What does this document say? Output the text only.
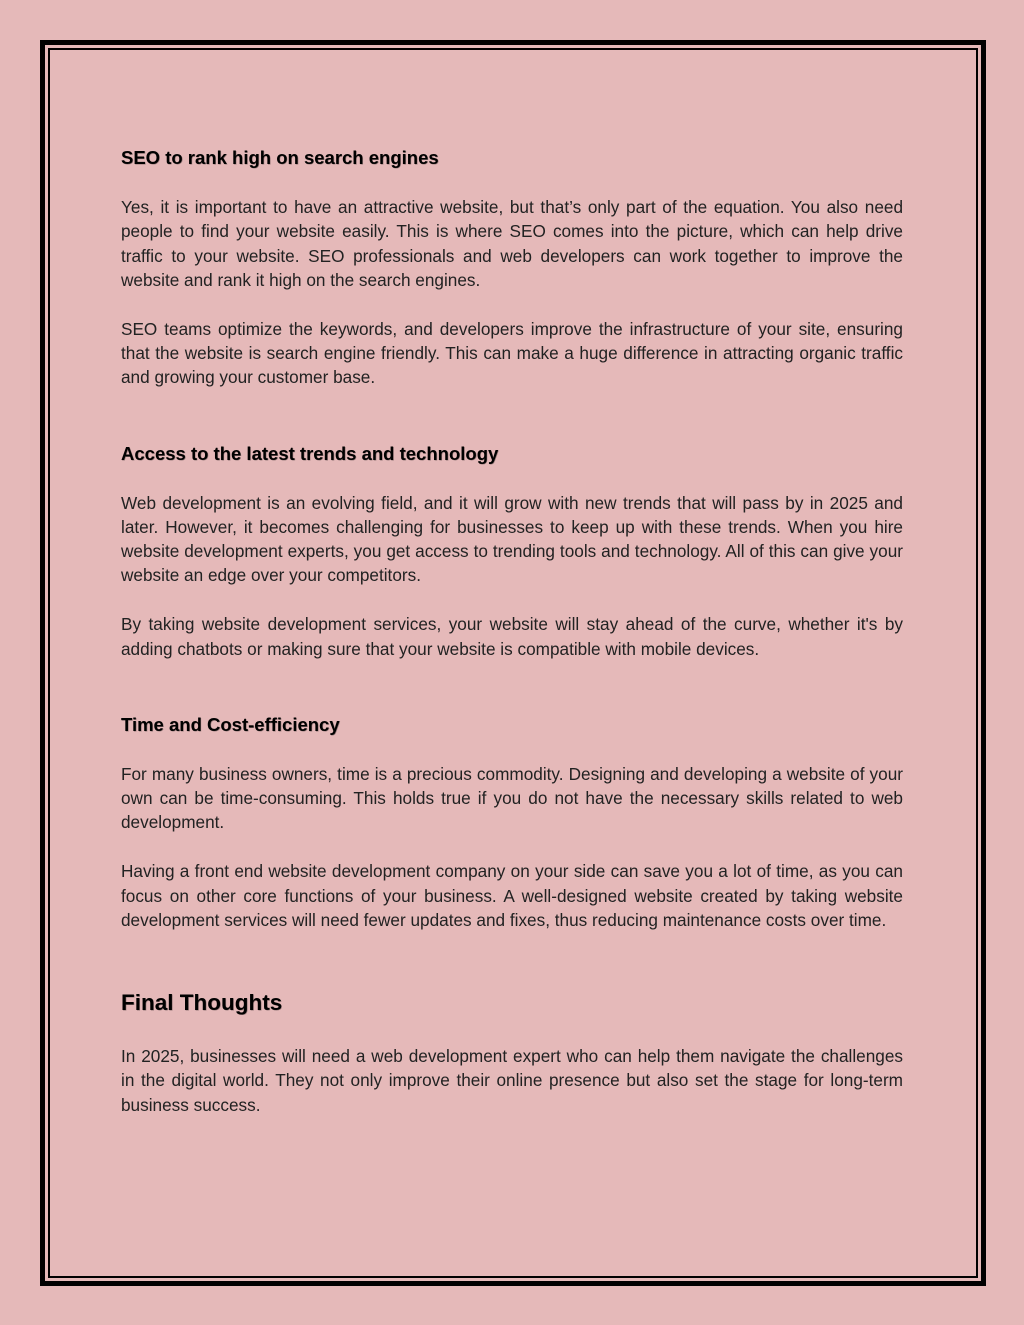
SEO to rank high on search engines

Yes, it is important to have an attractive website, but that’s only part of the equation. You also need people to find your website easily. This is where SEO comes into the picture, which can help drive traffic to your website. SEO professionals and web developers can work together to improve the website and rank it high on the search engines.

SEO teams optimize the keywords, and developers improve the infrastructure of your site, ensuring that the website is search engine friendly. This can make a huge difference in attracting organic traffic and growing your customer base.

Access to the latest trends and technology

Web development is an evolving field, and it will grow with new trends that will pass by in 2025 and later. However, it becomes challenging for businesses to keep up with these trends. When you hire website development experts, you get access to trending tools and technology. All of this can give your website an edge over your competitors.

By taking website development services, your website will stay ahead of the curve, whether it's by adding chatbots or making sure that your website is compatible with mobile devices.

Time and Cost-efficiency

For many business owners, time is a precious commodity. Designing and developing a website of your own can be time-consuming. This holds true if you do not have the necessary skills related to web development.

Having a front end website development company on your side can save you a lot of time, as you can focus on other core functions of your business. A well-designed website created by taking website development services will need fewer updates and fixes, thus reducing maintenance costs over time.

Final Thoughts

In 2025, businesses will need a web development expert who can help them navigate the challenges in the digital world. They not only improve their online presence but also set the stage for long-term business success.
